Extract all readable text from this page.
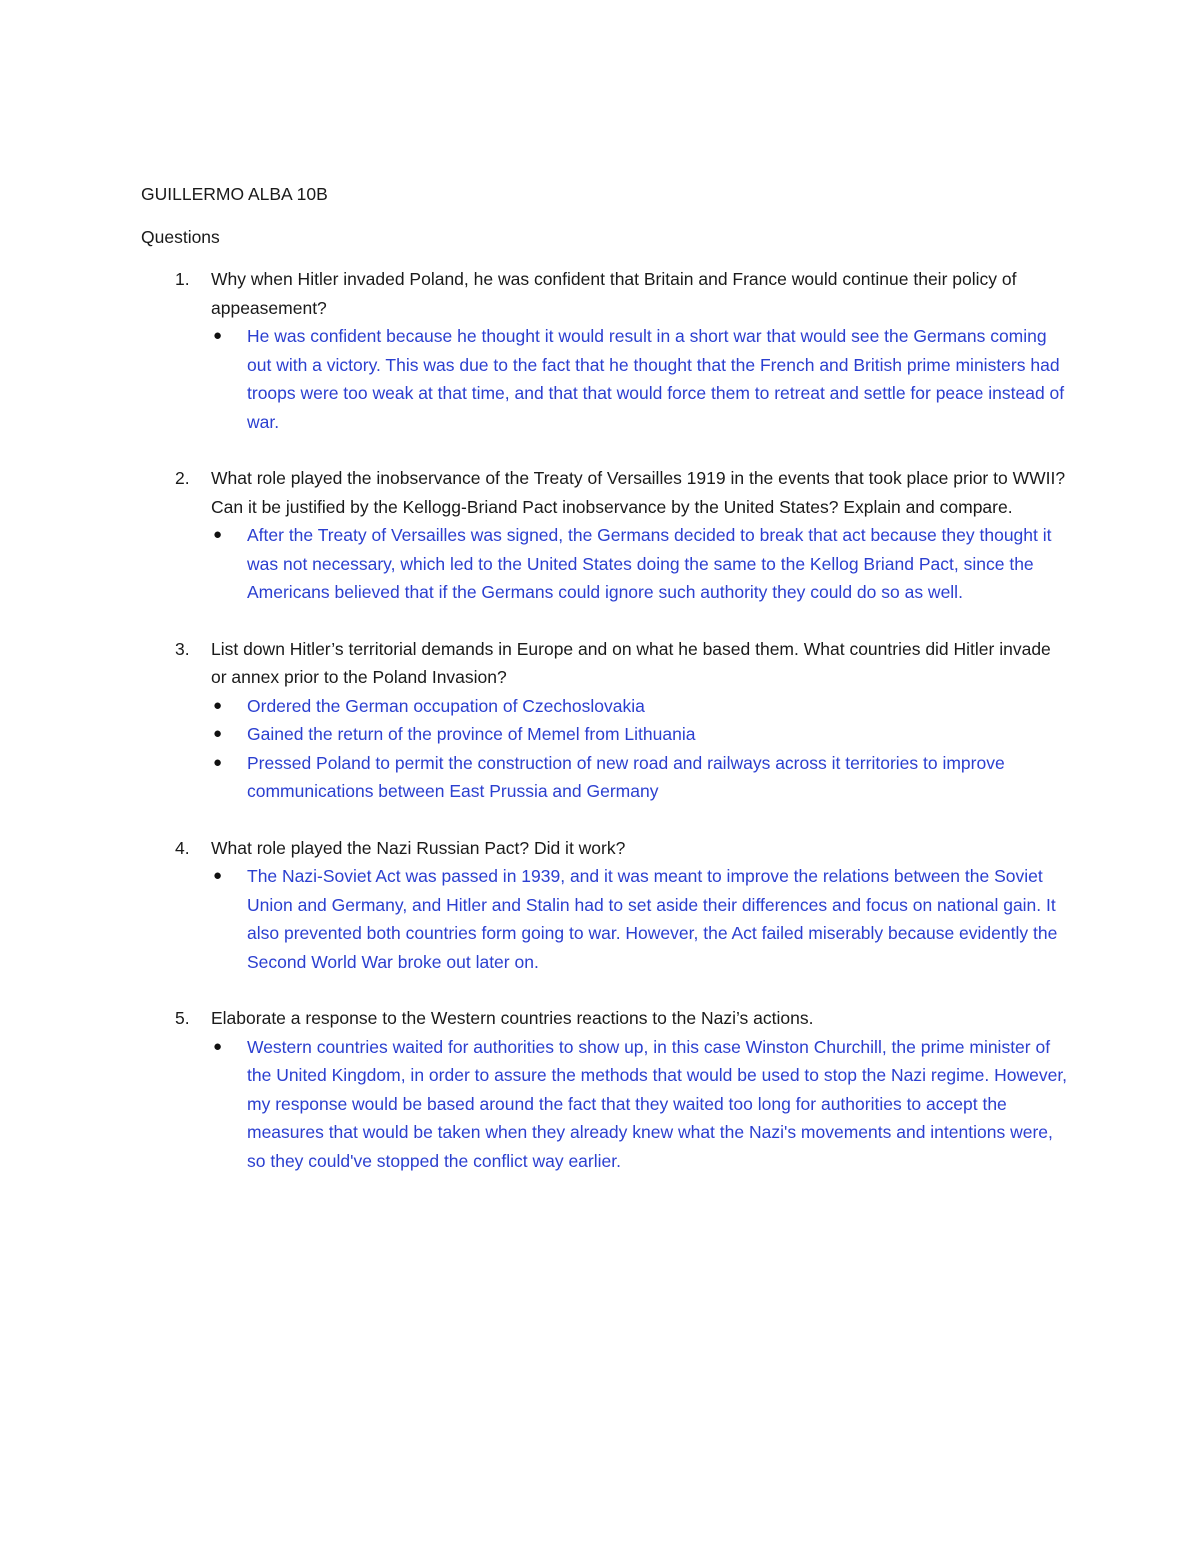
GUILLERMO ALBA 10B
Questions
1. Why when Hitler invaded Poland, he was confident that Britain and France would continue their policy of appeasement?
● He was confident because he thought it would result in a short war that would see the Germans coming out with a victory. This was due to the fact that he thought that the French and British prime ministers had troops were too weak at that time, and that that would force them to retreat and settle for peace instead of war.
2. What role played the inobservance of the Treaty of Versailles 1919 in the events that took place prior to WWII? Can it be justified by the Kellogg-Briand Pact inobservance by the United States? Explain and compare.
● After the Treaty of Versailles was signed, the Germans decided to break that act because they thought it was not necessary, which led to the United States doing the same to the Kellog Briand Pact, since the Americans believed that if the Germans could ignore such authority they could do so as well.
3. List down Hitler’s territorial demands in Europe and on what he based them. What countries did Hitler invade or annex prior to the Poland Invasion?
● Ordered the German occupation of Czechoslovakia
● Gained the return of the province of Memel from Lithuania
● Pressed Poland to permit the construction of new road and railways across it territories to improve communications between East Prussia and Germany
4. What role played the Nazi Russian Pact? Did it work?
● The Nazi-Soviet Act was passed in 1939, and it was meant to improve the relations between the Soviet Union and Germany, and Hitler and Stalin had to set aside their differences and focus on national gain. It also prevented both countries form going to war. However, the Act failed miserably because evidently the Second World War broke out later on.
5. Elaborate a response to the Western countries reactions to the Nazi’s actions.
● Western countries waited for authorities to show up, in this case Winston Churchill, the prime minister of the United Kingdom, in order to assure the methods that would be used to stop the Nazi regime. However, my response would be based around the fact that they waited too long for authorities to accept the measures that would be taken when they already knew what the Nazi's movements and intentions were, so they could've stopped the conflict way earlier.
